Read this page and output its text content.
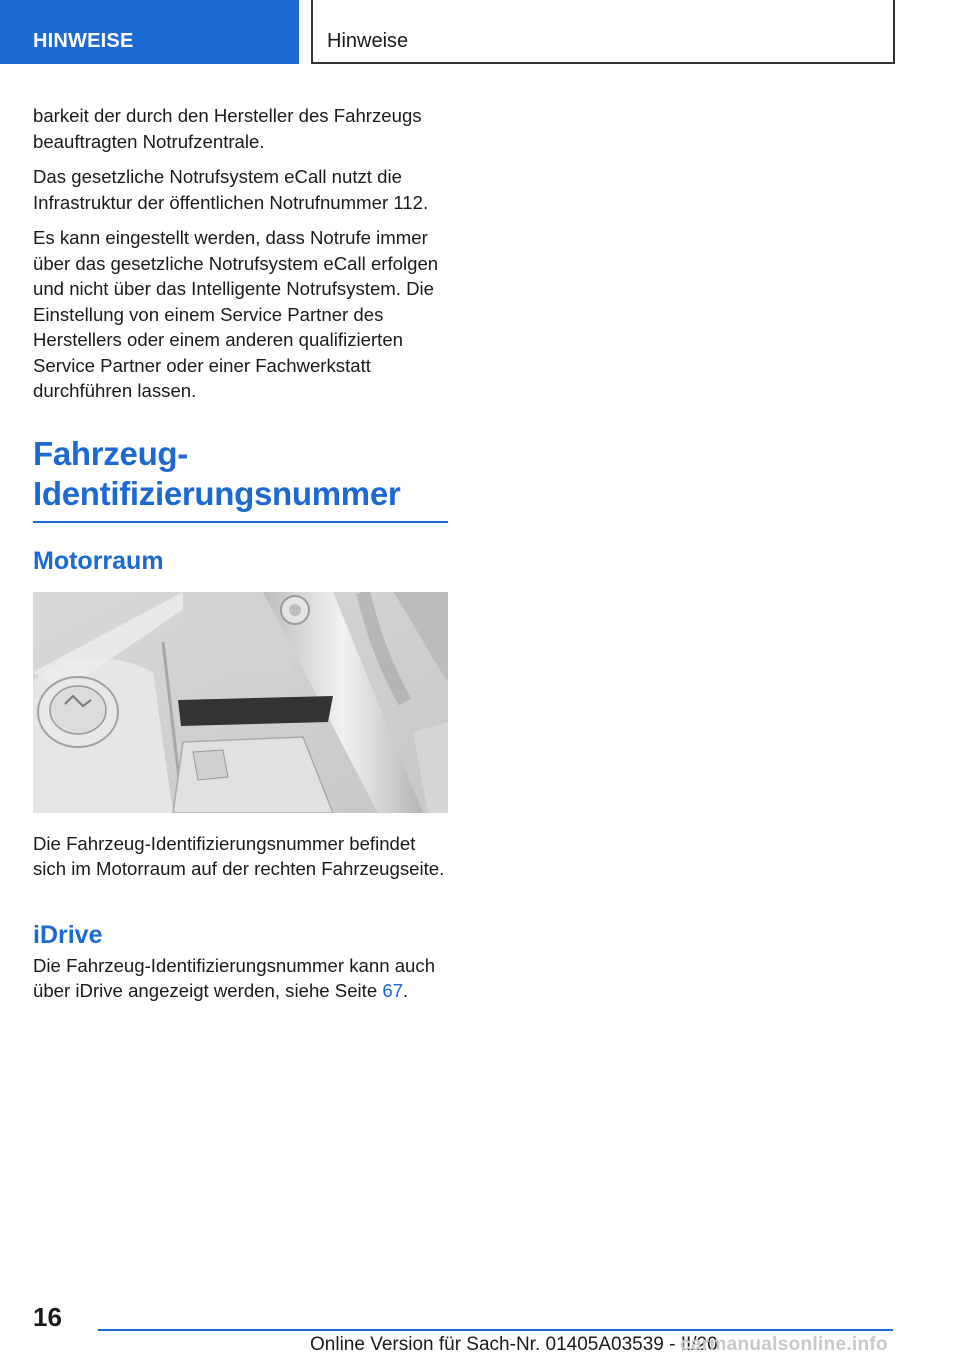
HINWEISE	Hinweise

barkeit der durch den Hersteller des Fahrzeugs beauftragten Notrufzentrale.

Das gesetzliche Notrufsystem eCall nutzt die Infrastruktur der öffentlichen Notrufnummer 112.

Es kann eingestellt werden, dass Notrufe immer über das gesetzliche Notrufsystem eCall erfolgen und nicht über das Intelligente Notrufsystem. Die Einstellung von einem Service Partner des Herstellers oder einem anderen qualifizierten Service Partner oder einer Fachwerkstatt durchführen lassen.

Fahrzeug-Identifizierungsnummer
Motorraum

Die Fahrzeug-Identifizierungsnummer befindet sich im Motorraum auf der rechten Fahrzeugseite.

iDrive

Die Fahrzeug-Identifizierungsnummer kann auch über iDrive angezeigt werden, siehe Seite 67.

16
Online Version für Sach-Nr. 01405A03539 - II/20
carmanualsonline.info
